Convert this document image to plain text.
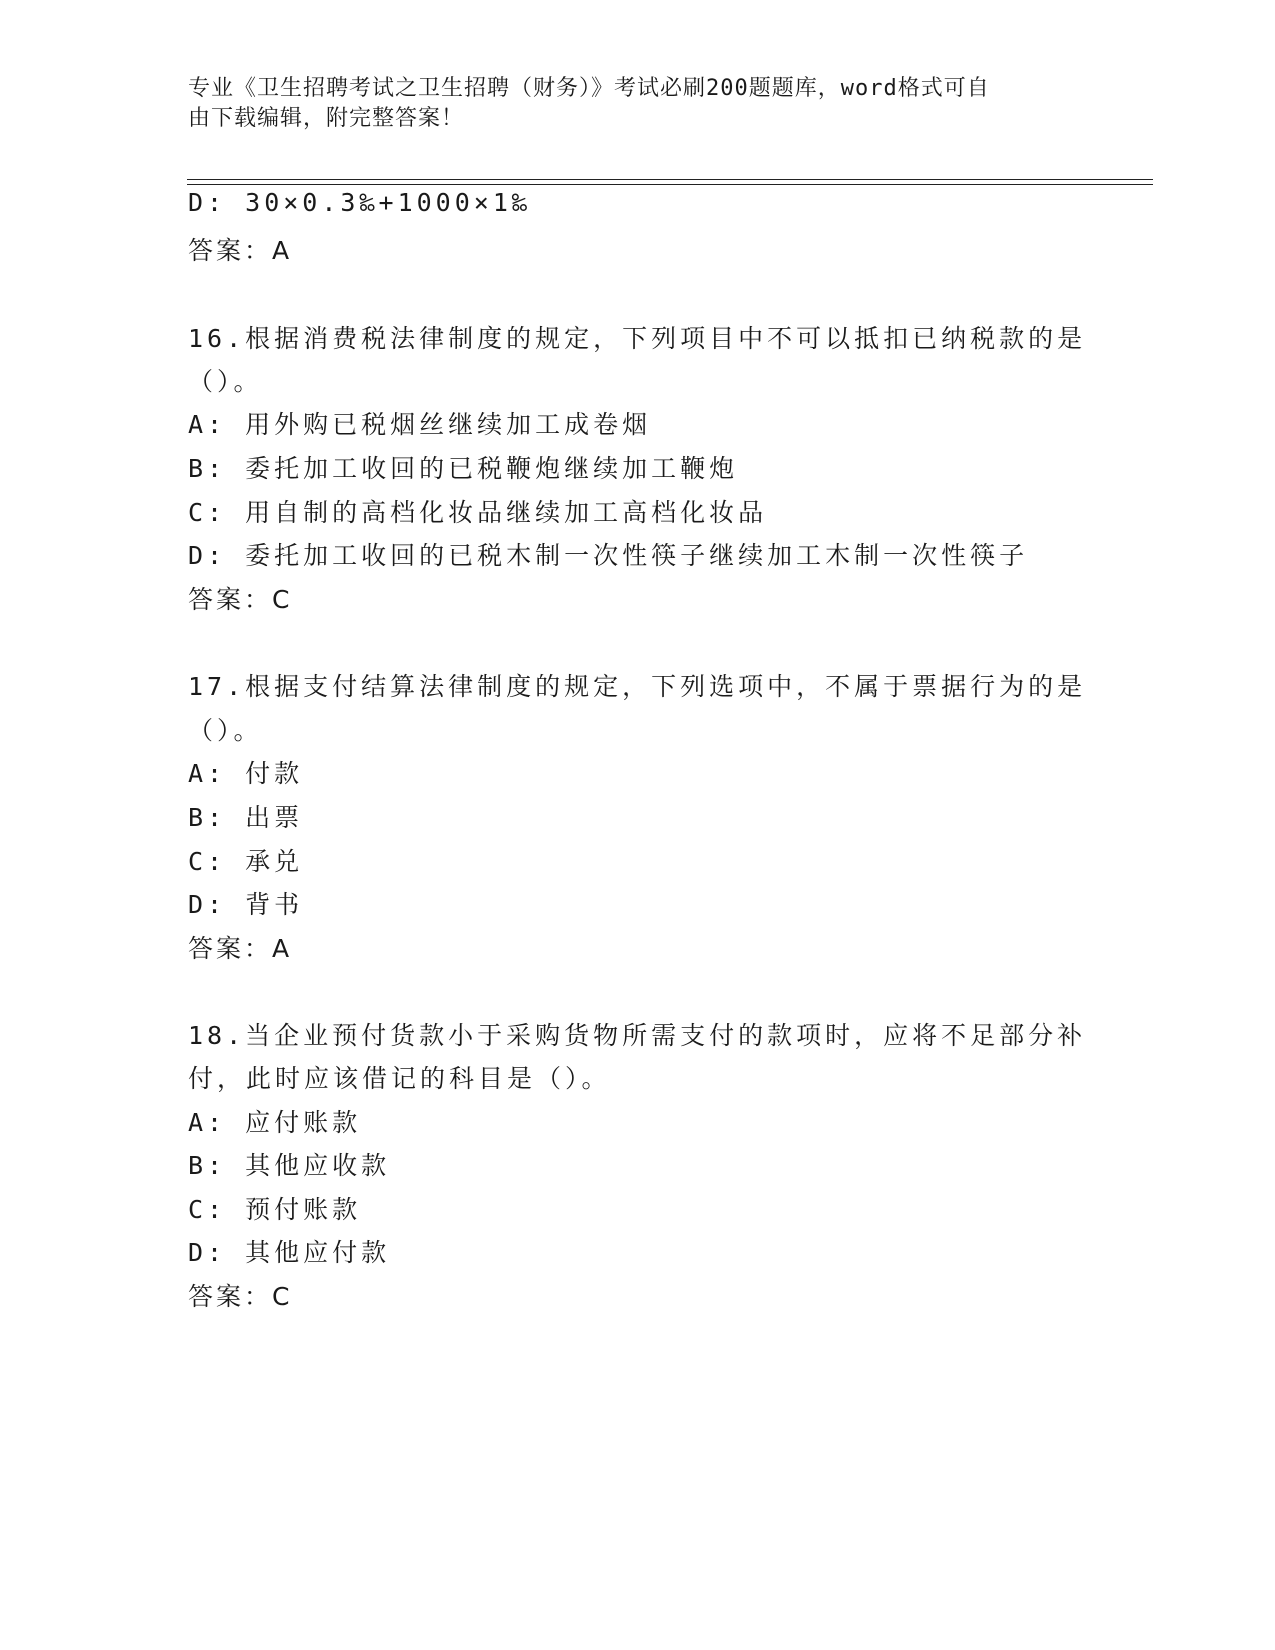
专业《卫生招聘考试之卫生招聘（财务）》考试必刷200题题库，word格式可自
由下载编辑，附完整答案！
D: 30×0.3‰+1000×1‰
答案：A
16.根据消费税法律制度的规定，下列项目中不可以抵扣已纳税款的是
（）。
A: 用外购已税烟丝继续加工成卷烟
B: 委托加工收回的已税鞭炮继续加工鞭炮
C: 用自制的高档化妆品继续加工高档化妆品
D: 委托加工收回的已税木制一次性筷子继续加工木制一次性筷子
答案：C
17.根据支付结算法律制度的规定，下列选项中，不属于票据行为的是
（）。
A: 付款
B: 出票
C: 承兑
D: 背书
答案：A
18.当企业预付货款小于采购货物所需支付的款项时，应将不足部分补
付，此时应该借记的科目是（）。
A: 应付账款
B: 其他应收款
C: 预付账款
D: 其他应付款
答案：C
